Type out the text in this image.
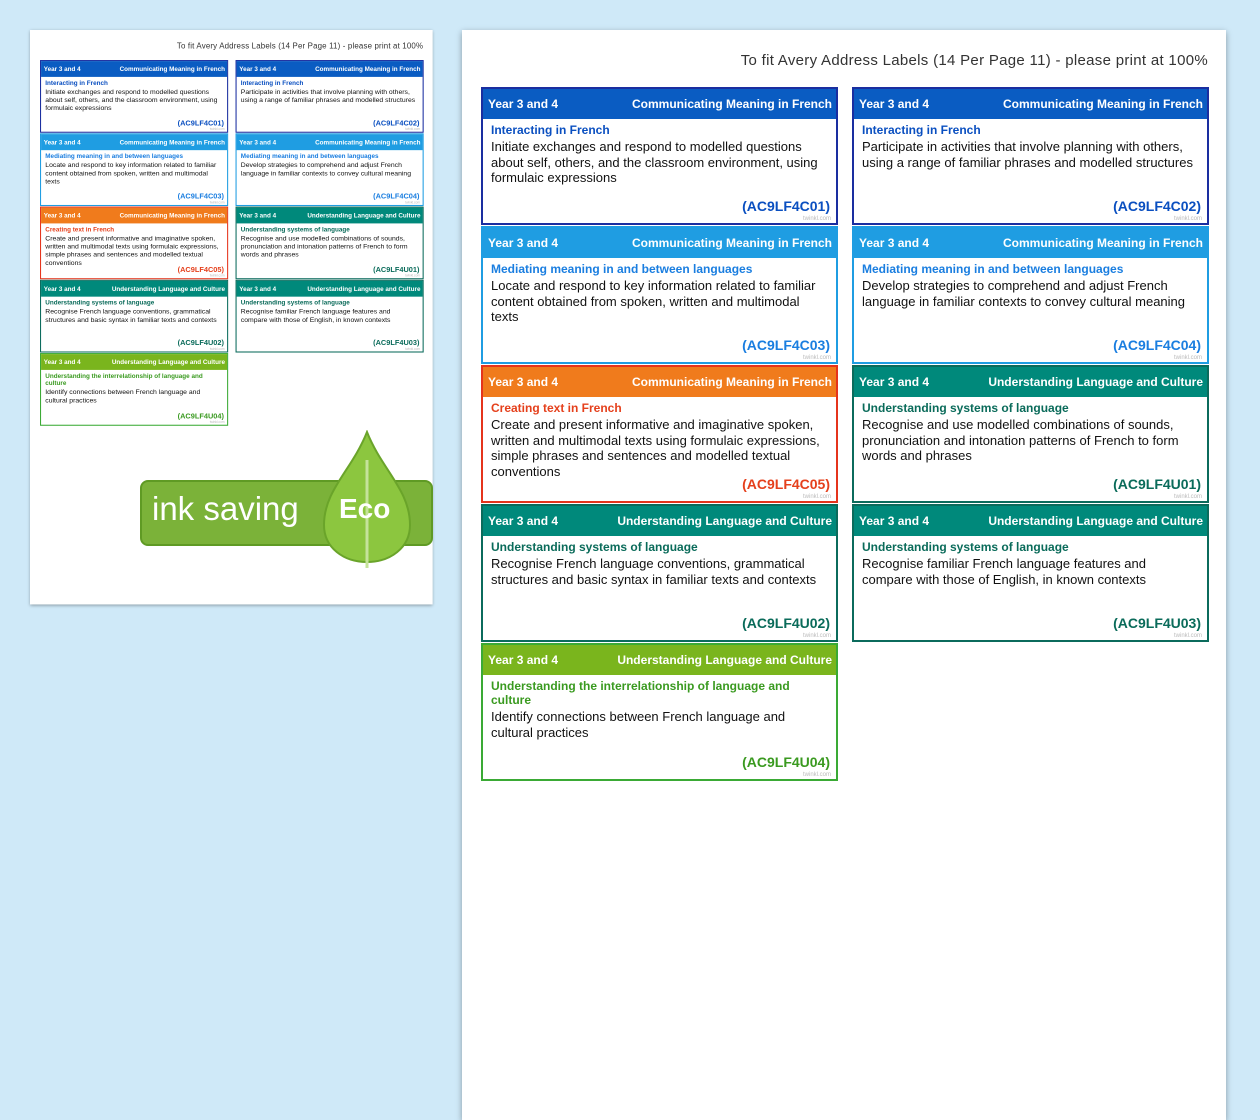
To fit Avery Address Labels (14 Per Page 11) - please print at 100%
Year 3 and 4	Communicating Meaning in French
Interacting in French
Initiate exchanges and respond to modelled questions about self, others, and the classroom environment, using formulaic expressions
(AC9LF4C01)
twinkl.com
Year 3 and 4	Communicating Meaning in French
Interacting in French
Participate in activities that involve planning with others, using a range of familiar phrases and modelled structures
(AC9LF4C02)
twinkl.com
Year 3 and 4	Communicating Meaning in French
Mediating meaning in and between languages
Locate and respond to key information related to familiar content obtained from spoken, written and multimodal texts
(AC9LF4C03)
twinkl.com
Year 3 and 4	Communicating Meaning in French
Mediating meaning in and between languages
Develop strategies to comprehend and adjust French language in familiar contexts to convey cultural meaning
(AC9LF4C04)
twinkl.com
Year 3 and 4	Communicating Meaning in French
Creating text in French
Create and present informative and imaginative spoken, written and multimodal texts using formulaic expressions, simple phrases and sentences and modelled textual conventions
(AC9LF4C05)
twinkl.com
Year 3 and 4	Understanding Language and Culture
Understanding systems of language
Recognise and use modelled combinations of sounds, pronunciation and intonation patterns of French to form words and phrases
(AC9LF4U01)
twinkl.com
Year 3 and 4	Understanding Language and Culture
Understanding systems of language
Recognise French language conventions, grammatical structures and basic syntax in familiar texts and contexts
(AC9LF4U02)
twinkl.com
Year 3 and 4	Understanding Language and Culture
Understanding systems of language
Recognise familiar French language features and compare with those of English, in known contexts
(AC9LF4U03)
twinkl.com
Year 3 and 4	Understanding Language and Culture
Understanding the interrelationship of language and culture
Identify connections between French language and cultural practices
(AC9LF4U04)
twinkl.com
To fit Avery Address Labels (14 Per Page 11) - please print at 100%
Year 3 and 4	Communicating Meaning in French
Interacting in French
Initiate exchanges and respond to modelled questions about self, others, and the classroom environment, using formulaic expressions
(AC9LF4C01)
twinkl.com
Year 3 and 4	Communicating Meaning in French
Interacting in French
Participate in activities that involve planning with others, using a range of familiar phrases and modelled structures
(AC9LF4C02)
twinkl.com
Year 3 and 4	Communicating Meaning in French
Mediating meaning in and between languages
Locate and respond to key information related to familiar content obtained from spoken, written and multimodal texts
(AC9LF4C03)
twinkl.com
Year 3 and 4	Communicating Meaning in French
Mediating meaning in and between languages
Develop strategies to comprehend and adjust French language in familiar contexts to convey cultural meaning
(AC9LF4C04)
twinkl.com
Year 3 and 4	Communicating Meaning in French
Creating text in French
Create and present informative and imaginative spoken, written and multimodal texts using formulaic expressions, simple phrases and sentences and modelled textual conventions
(AC9LF4C05)
twinkl.com
Year 3 and 4	Understanding Language and Culture
Understanding systems of language
Recognise and use modelled combinations of sounds, pronunciation and intonation patterns of French to form words and phrases
(AC9LF4U01)
twinkl.com
Year 3 and 4	Understanding Language and Culture
Understanding systems of language
Recognise French language conventions, grammatical structures and basic syntax in familiar texts and contexts
(AC9LF4U02)
twinkl.com
Year 3 and 4	Understanding Language and Culture
Understanding systems of language
Recognise familiar French language features and compare with those of English, in known contexts
(AC9LF4U03)
twinkl.com
Year 3 and 4	Understanding Language and Culture
Understanding the interrelationship of language and culture
Identify connections between French language and cultural practices
(AC9LF4U04)
twinkl.com
ink saving Eco
